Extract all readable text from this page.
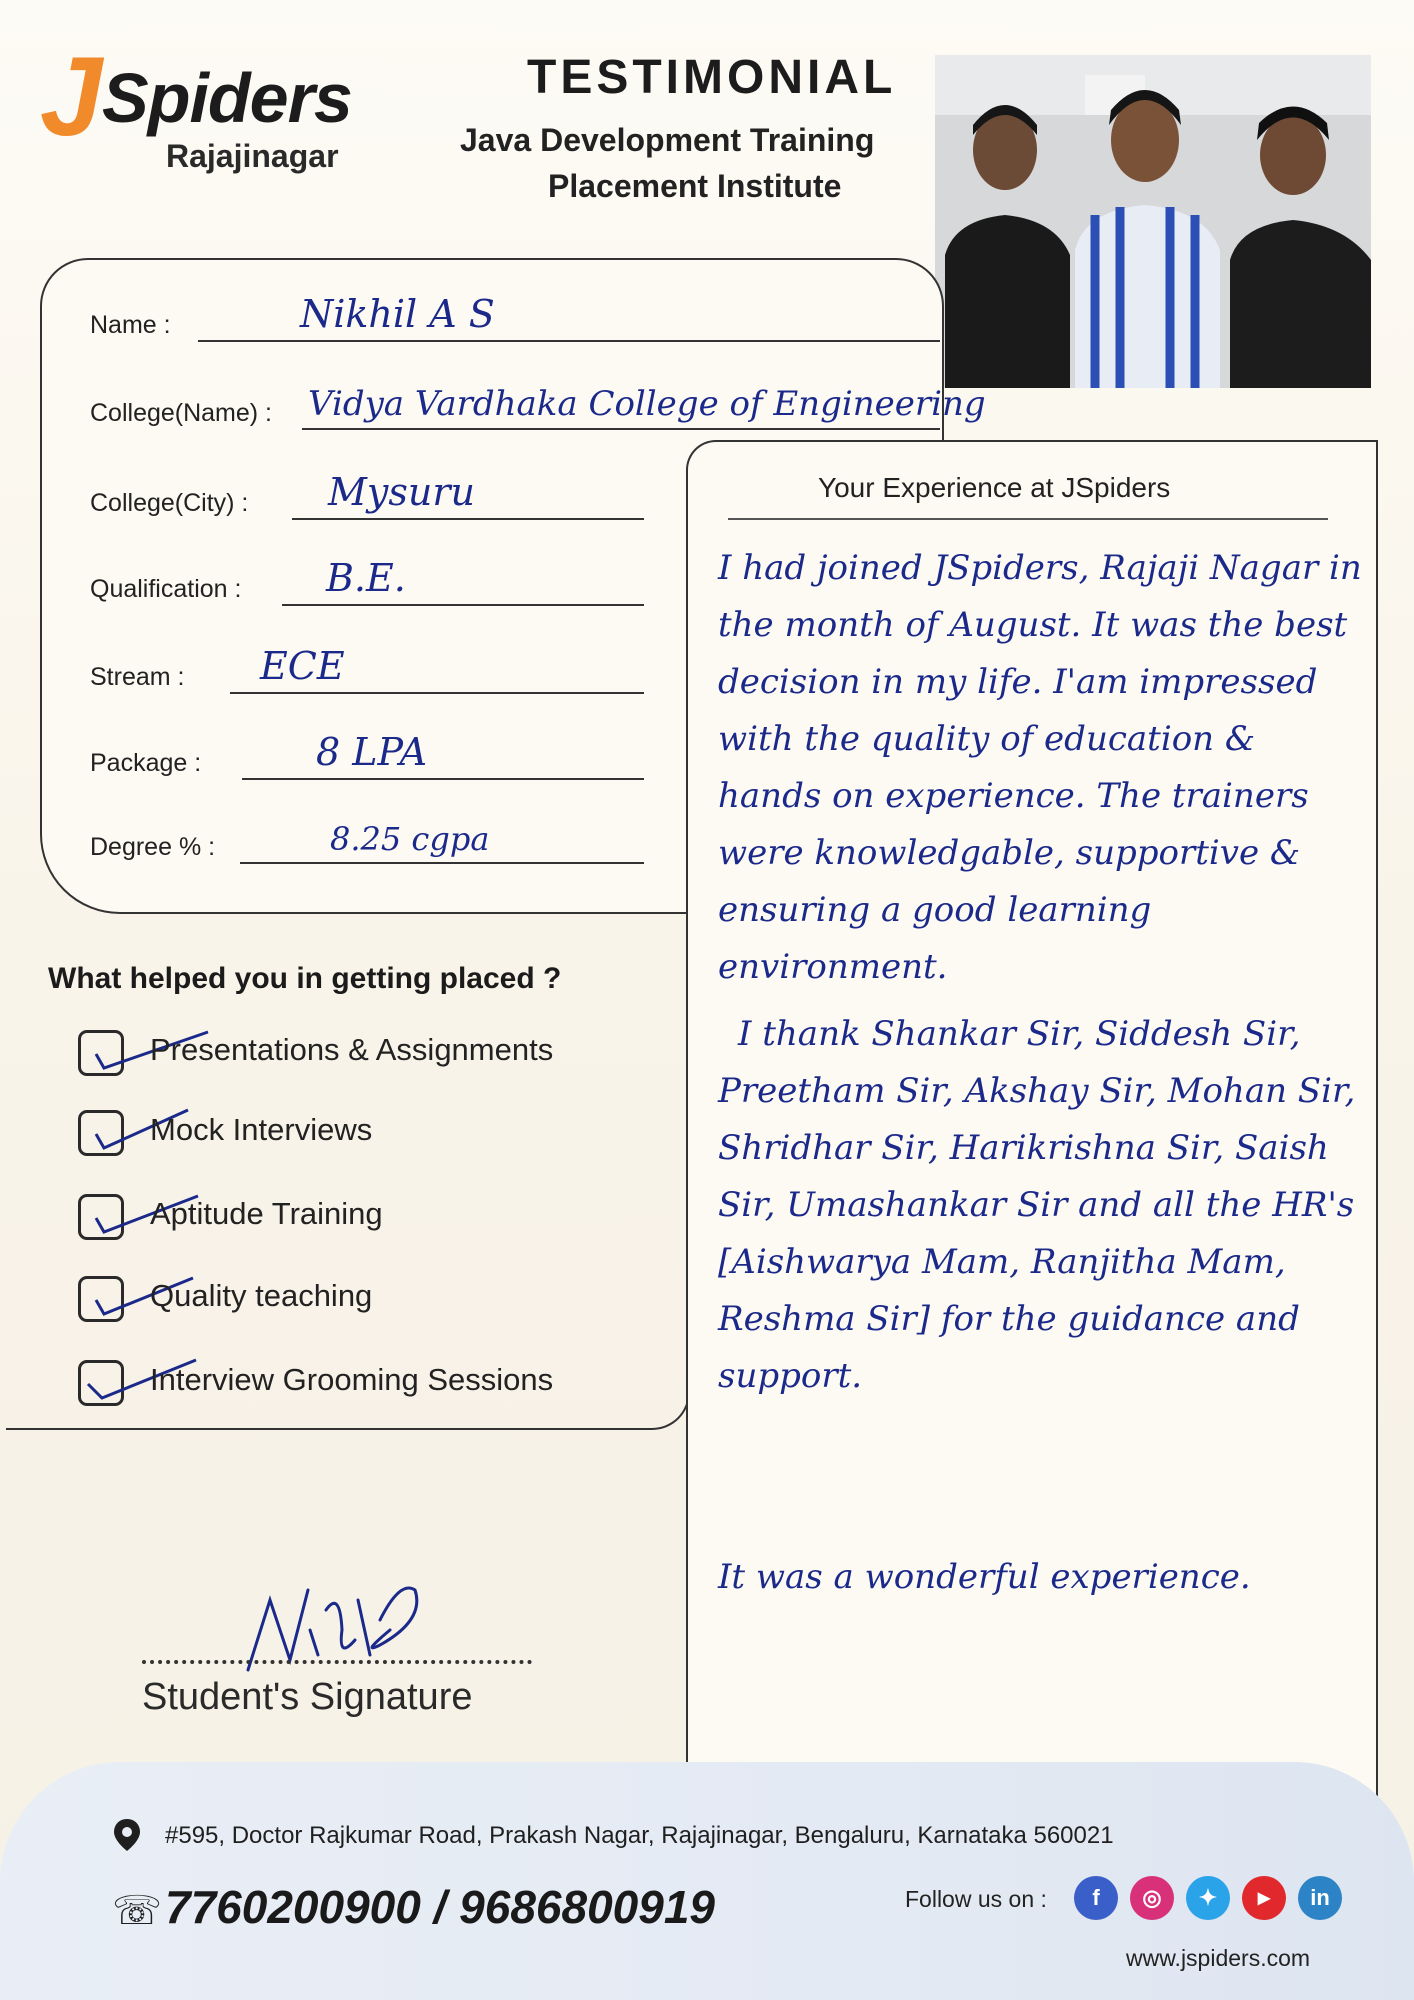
J Spiders
Rajajinagar
TESTIMONIAL
Java Development Training
Placement Institute
Name :	Nikhil A S
College(Name) : Vidya Vardhaka College of Engineering
College(City) : Mysuru
Qualification : B.E.
Stream : ECE
Package :	8 LPA
Degree % :	8.25 cgpa
What helped you in getting placed ?
Presentations & Assignments
Mock Interviews
Aptitude Training
Quality teaching
Interview Grooming Sessions
Your Experience at JSpiders
I had joined JSpiders, Rajaji Nagar in the month of August. It was the best decision in my life. I'am impressed with the quality of education & hands on experience. The trainers were knowledgable, supportive & ensuring a good learning environment.
I thank Shankar Sir, Siddesh Sir, Preetham Sir, Akshay Sir, Mohan Sir, Shridhar Sir, Harikrishna Sir, Saish Sir, Umashankar Sir and all the HR's [Aishwarya Mam, Ranjitha Mam, Reshma Sir] for the guidance and support.
It was a wonderful experience.
Student's Signature
#595, Doctor Rajkumar Road, Prakash Nagar, Rajajinagar, Bengaluru, Karnataka 560021
☏ 7760200900 / 9686800919	Follow us on :	f	◎	✦	▶	in
www.jspiders.com
